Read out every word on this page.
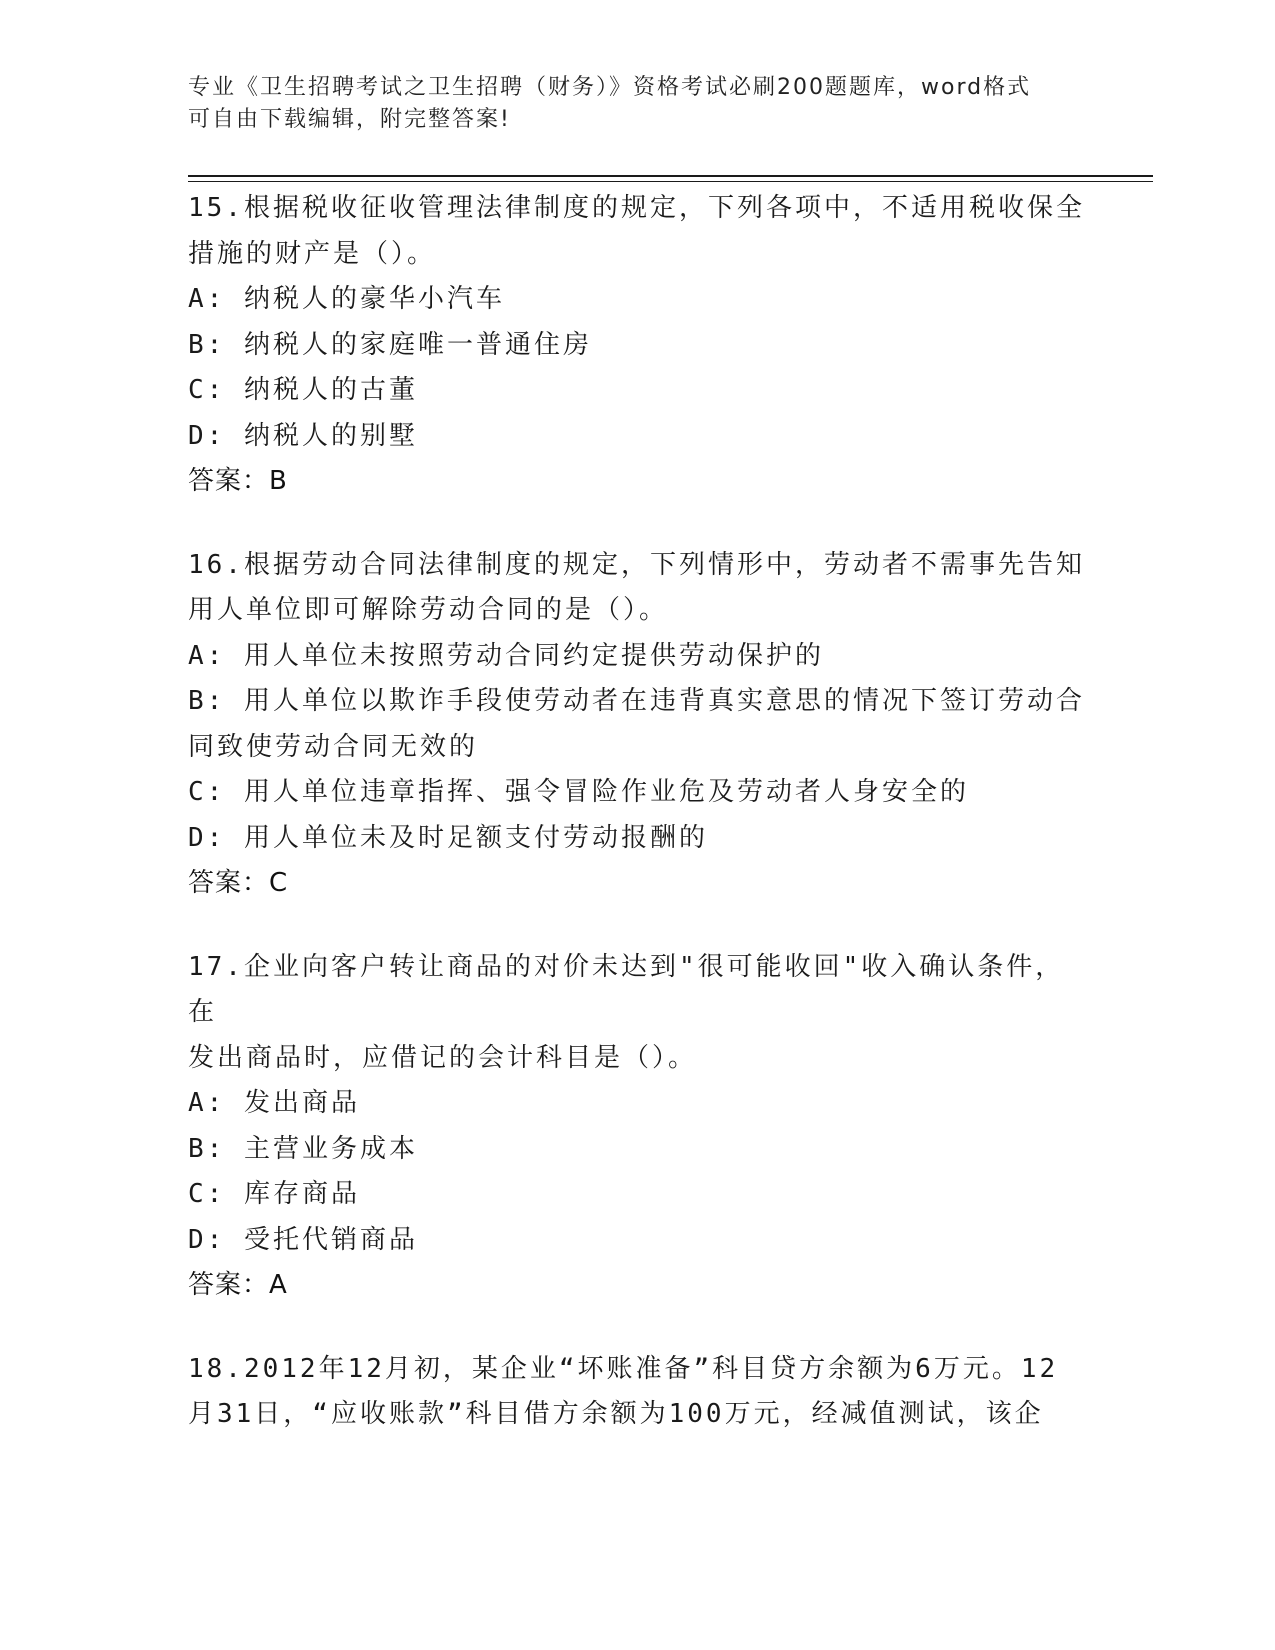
专业《卫生招聘考试之卫生招聘（财务）》资格考试必刷200题题库，word格式
可自由下载编辑，附完整答案!
15.根据税收征收管理法律制度的规定，下列各项中，不适用税收保全
措施的财产是（）。
A: 纳税人的豪华小汽车
B: 纳税人的家庭唯一普通住房
C: 纳税人的古董
D: 纳税人的别墅
答案：B
16.根据劳动合同法律制度的规定，下列情形中，劳动者不需事先告知
用人单位即可解除劳动合同的是（）。
A: 用人单位未按照劳动合同约定提供劳动保护的
B: 用人单位以欺诈手段使劳动者在违背真实意思的情况下签订劳动合
同致使劳动合同无效的
C: 用人单位违章指挥、强令冒险作业危及劳动者人身安全的
D: 用人单位未及时足额支付劳动报酬的
答案：C
17.企业向客户转让商品的对价未达到"很可能收回"收入确认条件，在
发出商品时，应借记的会计科目是（）。
A: 发出商品
B: 主营业务成本
C: 库存商品
D: 受托代销商品
答案：A
18.2012年12月初，某企业“坏账准备”科目贷方余额为6万元。12
月31日，“应收账款”科目借方余额为100万元，经减值测试，该企
